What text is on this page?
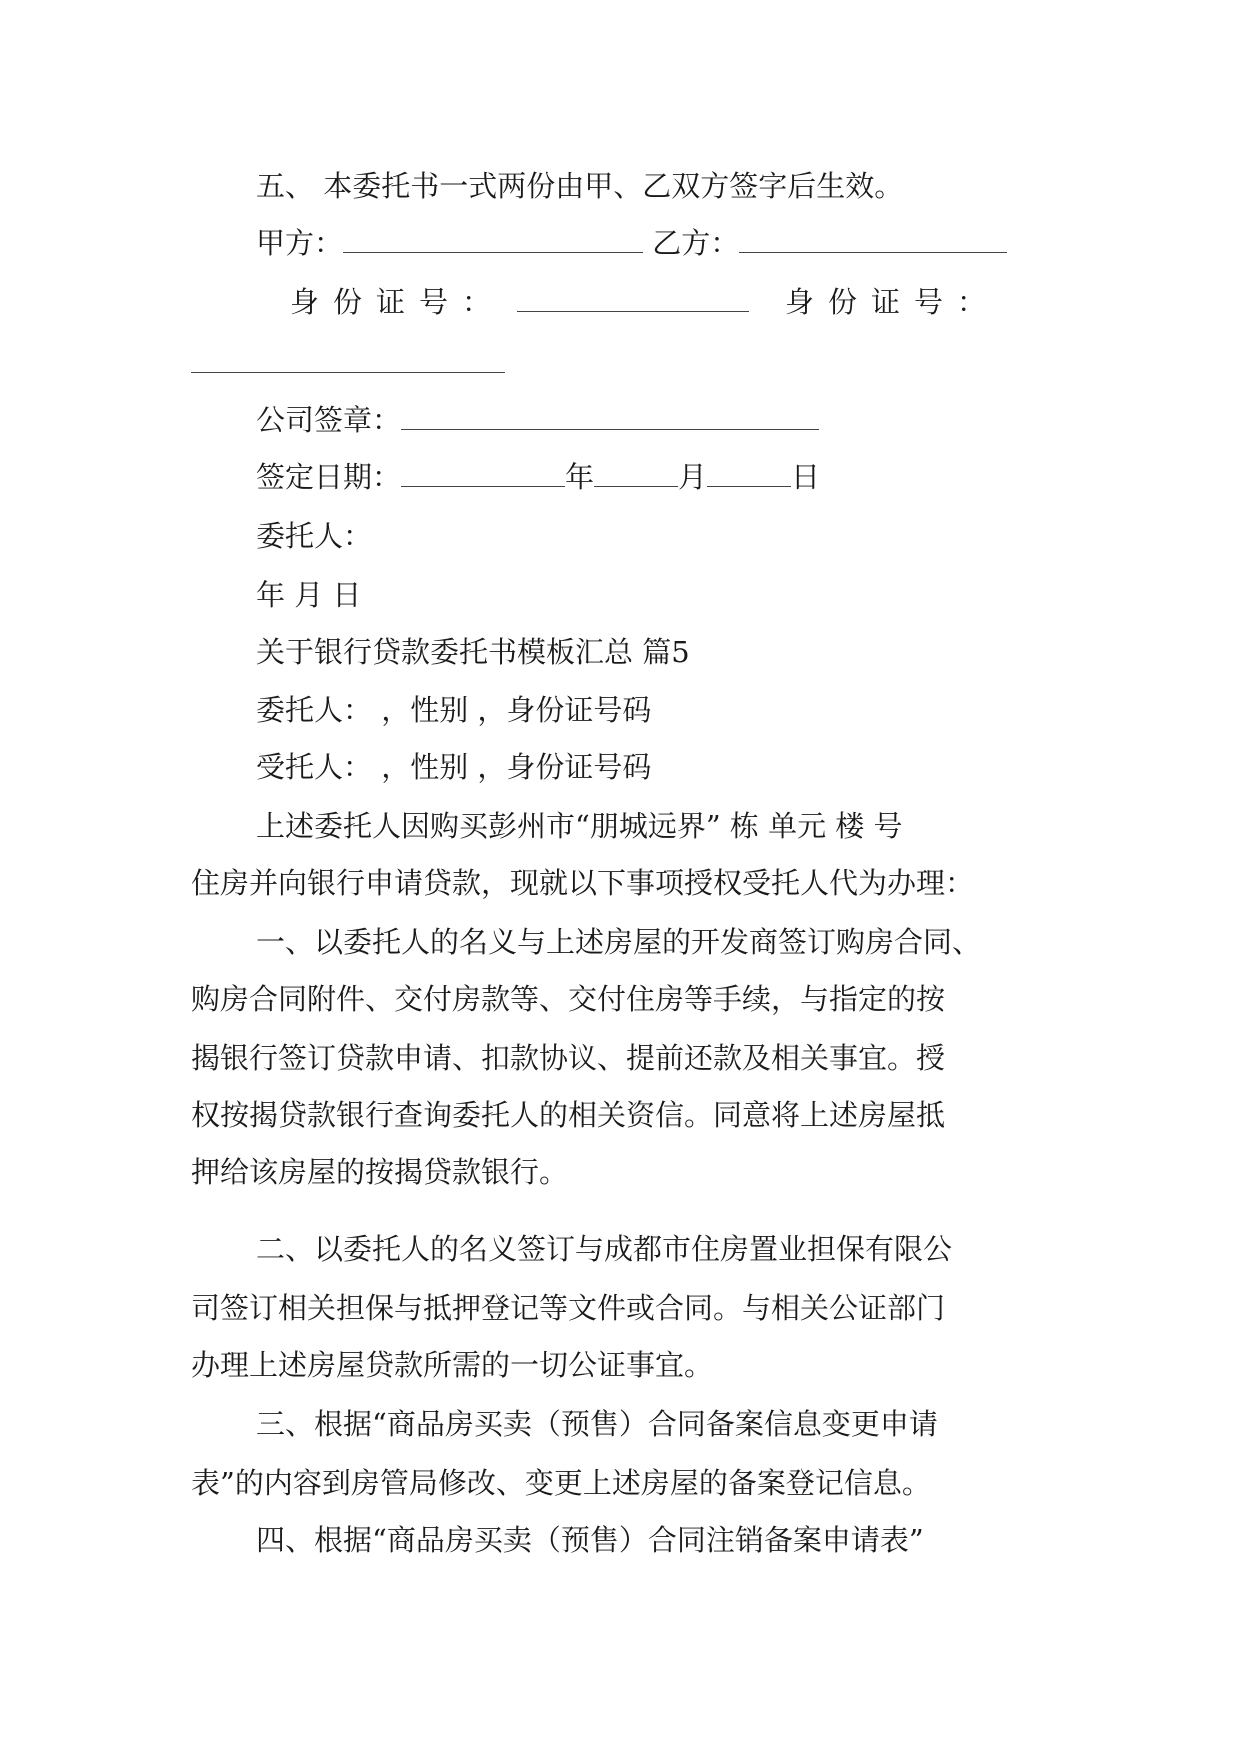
五、 本委托书一式两份由甲、乙双方签字后生效。
甲方：	乙方：
身份证号：	身份证号：
公司签章：
签定日期：	年	月	日
委托人：
年 月 日
关于银行贷款委托书模板汇总 篇5
委托人： ，性别 ，身份证号码
受托人： ，性别 ，身份证号码
上述委托人因购买彭州市“朋城远界” 栋 单元 楼 号
住房并向银行申请贷款，现就以下事项授权受托人代为办理：
一、以委托人的名义与上述房屋的开发商签订购房合同、
购房合同附件、交付房款等、交付住房等手续，与指定的按
揭银行签订贷款申请、扣款协议、提前还款及相关事宜。授
权按揭贷款银行查询委托人的相关资信。同意将上述房屋抵
押给该房屋的按揭贷款银行。
二、以委托人的名义签订与成都市住房置业担保有限公
司签订相关担保与抵押登记等文件或合同。与相关公证部门
办理上述房屋贷款所需的一切公证事宜。
三、根据“商品房买卖（预售）合同备案信息变更申请
表”的内容到房管局修改、变更上述房屋的备案登记信息。
四、根据“商品房买卖（预售）合同注销备案申请表”
